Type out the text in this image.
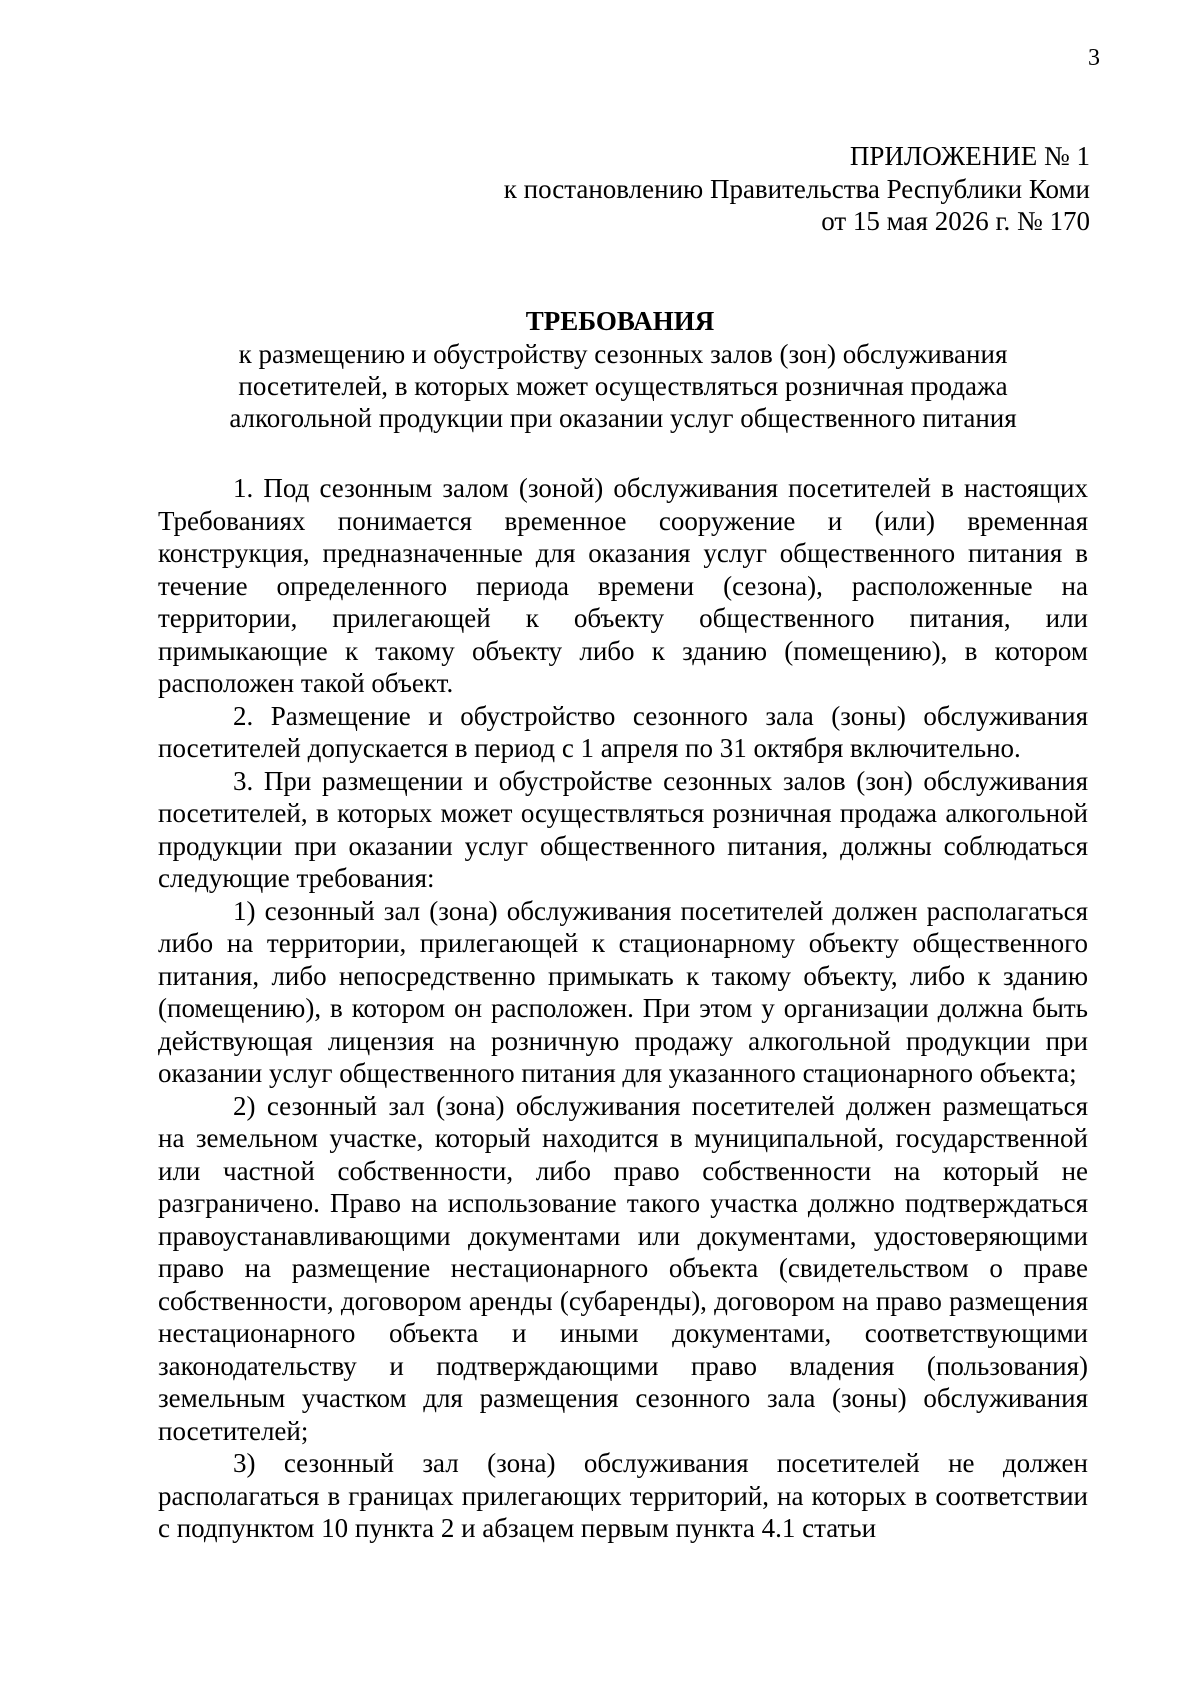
3
ПРИЛОЖЕНИЕ № 1
к постановлению Правительства Республики Коми
от 15 мая 2026 г. № 170
ТРЕБОВАНИЯ
к размещению и обустройству сезонных залов (зон) обслуживания
посетителей, в которых может осуществляться розничная продажа
алкогольной продукции при оказании услуг общественного питания

1. Под сезонным залом (зоной) обслуживания посетителей в настоящих Требованиях понимается временное сооружение и (или) временная конструкция, предназначенные для оказания услуг общественного питания в течение определенного периода времени (сезона), расположенные на территории, прилегающей к объекту общественного питания, или примыкающие к такому объекту либо к зданию (помещению), в котором расположен такой объект.

2. Размещение и обустройство сезонного зала (зоны) обслуживания посетителей допускается в период с 1 апреля по 31 октября включительно.

3. При размещении и обустройстве сезонных залов (зон) обслуживания посетителей, в которых может осуществляться розничная продажа алкогольной продукции при оказании услуг общественного питания, должны соблюдаться следующие требования:

1) сезонный зал (зона) обслуживания посетителей должен располагаться либо на территории, прилегающей к стационарному объекту общественного питания, либо непосредственно примыкать к такому объекту, либо к зданию (помещению), в котором он расположен. При этом у организации должна быть действующая лицензия на розничную продажу алкогольной продукции при оказании услуг общественного питания для указанного стационарного объекта;

2) сезонный зал (зона) обслуживания посетителей должен размещаться на земельном участке, который находится в муниципальной, государственной или частной собственности, либо право собственности на который не разграничено. Право на использование такого участка должно подтверждаться правоустанавливающими документами или документами, удостоверяющими право на размещение нестационарного объекта (свидетельством о праве собственности, договором аренды (субаренды), договором на право размещения нестационарного объекта и иными документами, соответствующими законодательству и подтверждающими право владения (пользования) земельным участком для размещения сезонного зала (зоны) обслуживания посетителей;

3) сезонный зал (зона) обслуживания посетителей не должен располагаться в границах прилегающих территорий, на которых в соответствии с подпунктом 10 пункта 2 и абзацем первым пункта 4.1 статьи
